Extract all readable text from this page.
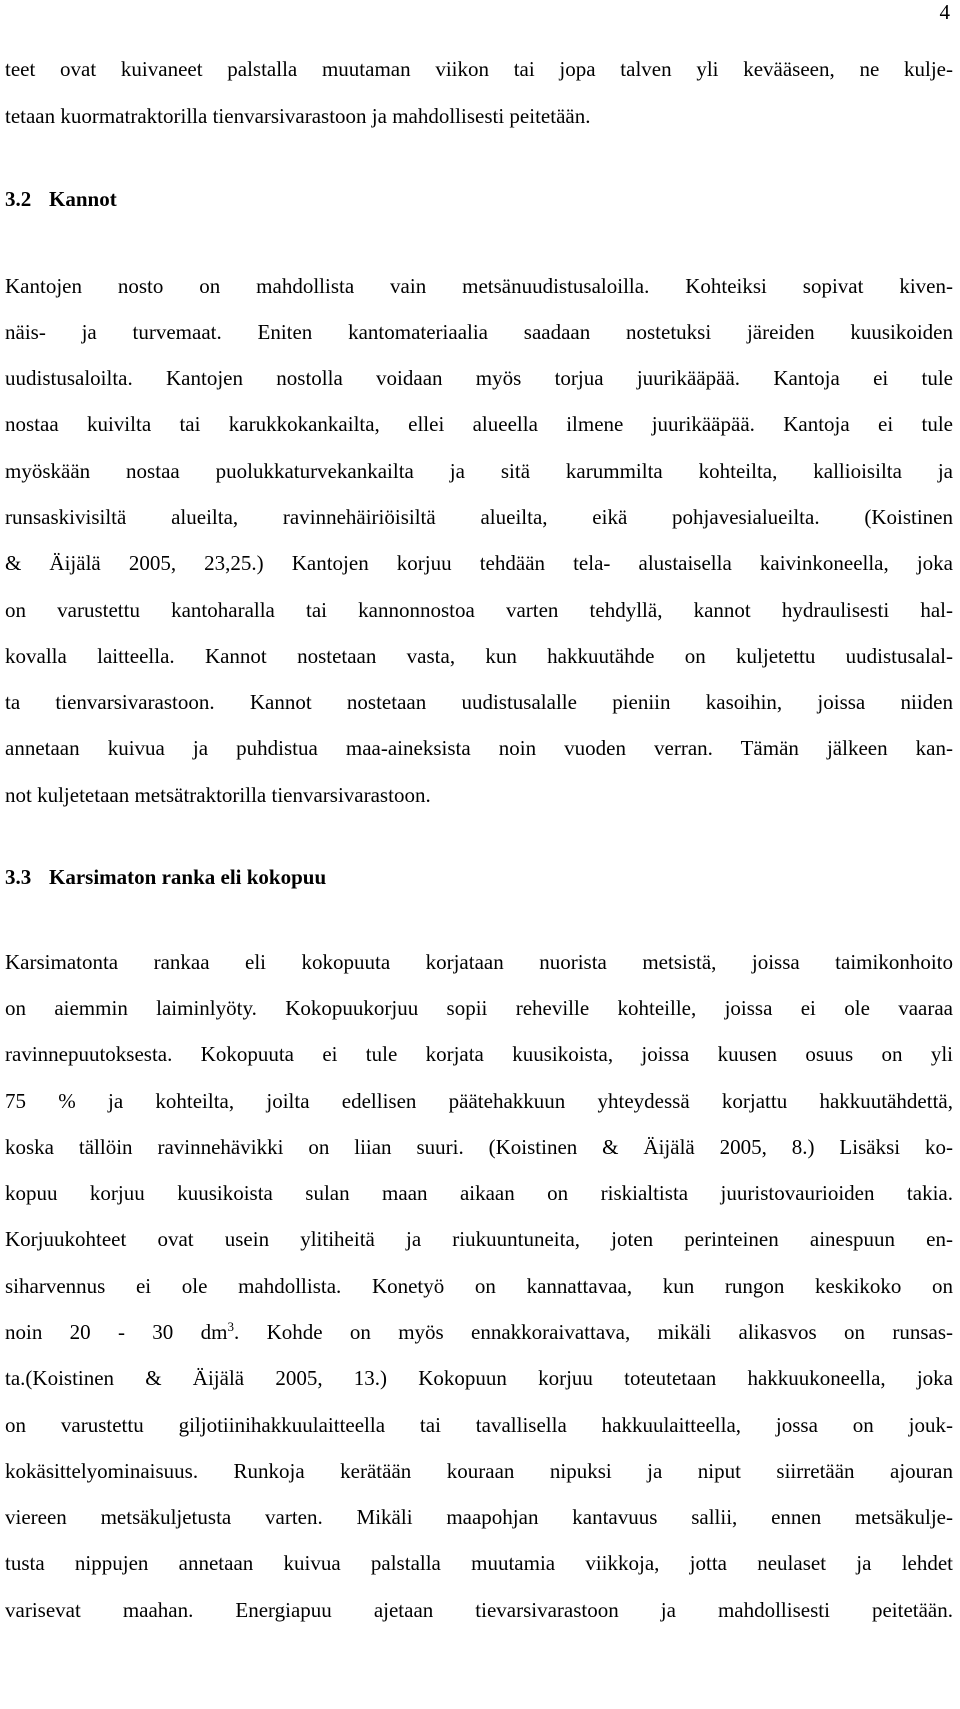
4
teet ovat kuivaneet palstalla muutaman viikon tai jopa talven yli kevääseen, ne kulje-
tetaan kuormatraktorilla tienvarsivarastoon ja mahdollisesti peitetään.
3.2 Kannot
Kantojen nosto on mahdollista vain metsänuudistusaloilla. Kohteiksi sopivat kiven-
näis- ja turvemaat. Eniten kantomateriaalia saadaan nostetuksi järeiden kuusikoiden
uudistusaloilta. Kantojen nostolla voidaan myös torjua juurikääpää. Kantoja ei tule
nostaa kuivilta tai karukkokankailta, ellei alueella ilmene juurikääpää. Kantoja ei tule
myöskään nostaa puolukkaturvekankailta ja sitä karummilta kohteilta, kallioisilta ja
runsaskivisiltä alueilta, ravinnehäiriöisiltä alueilta, eikä pohjavesialueilta. (Koistinen
& Äijälä 2005, 23,25.) Kantojen korjuu tehdään tela- alustaisella kaivinkoneella, joka
on varustettu kantoharalla tai kannonnostoa varten tehdyllä, kannot hydraulisesti hal-
kovalla laitteella. Kannot nostetaan vasta, kun hakkuutähde on kuljetettu uudistusalal-
ta tienvarsivarastoon. Kannot nostetaan uudistusalalle pieniin kasoihin, joissa niiden
annetaan kuivua ja puhdistua maa-aineksista noin vuoden verran. Tämän jälkeen kan-
not kuljetetaan metsätraktorilla tienvarsivarastoon.
3.3 Karsimaton ranka eli kokopuu
Karsimatonta rankaa eli kokopuuta korjataan nuorista metsistä, joissa taimikonhoito
on aiemmin laiminlyöty. Kokopuukorjuu sopii reheville kohteille, joissa ei ole vaaraa
ravinnepuutoksesta. Kokopuuta ei tule korjata kuusikoista, joissa kuusen osuus on yli
75 % ja kohteilta, joilta edellisen päätehakkuun yhteydessä korjattu hakkuutähdettä,
koska tällöin ravinnehävikki on liian suuri. (Koistinen & Äijälä 2005, 8.) Lisäksi ko-
kopuu korjuu kuusikoista sulan maan aikaan on riskialtista juuristovaurioiden takia.
Korjuukohteet ovat usein ylitiheitä ja riukuuntuneita, joten perinteinen ainespuun en-
siharvennus ei ole mahdollista. Konetyö on kannattavaa, kun rungon keskikoko on
noin 20 - 30 $dm^3$. Kohde on myös ennakkoraivattava, mikäli alikasvos on runsas-
ta.(Koistinen & Äijälä 2005, 13.) Kokopuun korjuu toteutetaan hakkuukoneella, joka
on varustettu giljotiinihakkuulaitteella tai tavallisella hakkuulaitteella, jossa on jouk-
kokäsittelyominaisuus. Runkoja kerätään kouraan nipuksi ja niput siirretään ajouran
viereen metsäkuljetusta varten. Mikäli maapohjan kantavuus sallii, ennen metsäkulje-
tusta nippujen annetaan kuivua palstalla muutamia viikkoja, jotta neulaset ja lehdet
varisevat maahan. Energiapuu ajetaan tievarsivarastoon ja mahdollisesti peitetään.
